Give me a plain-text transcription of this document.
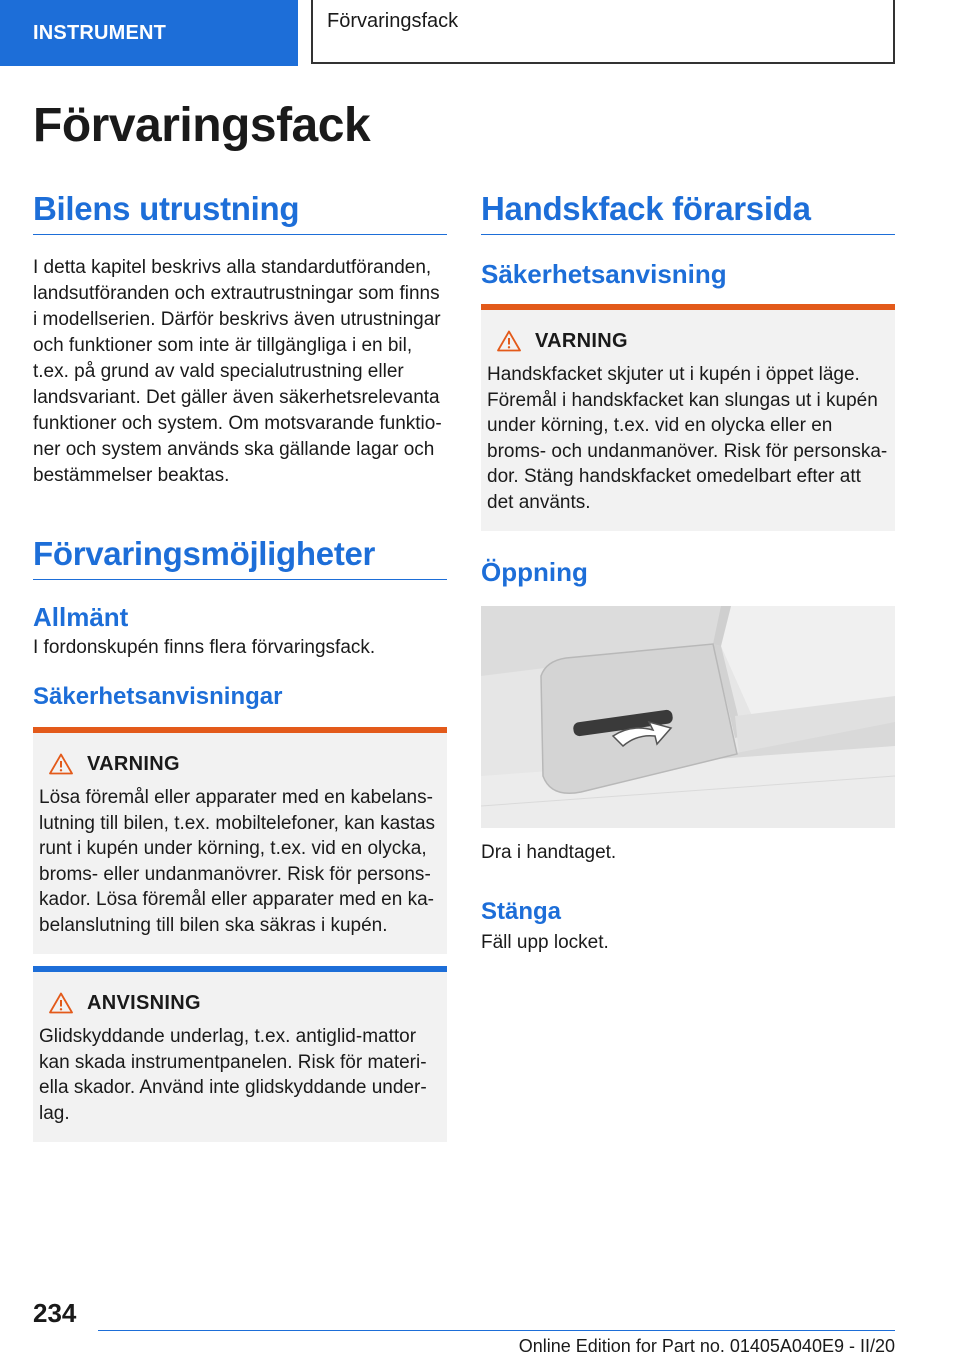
INSTRUMENT
Förvaringsfack
Förvaringsfack
Bilens utrustning

I detta kapitel beskrivs alla standardutföranden, landsutföranden och extrautrustningar som finns i modellserien. Därför beskrivs även utrustningar och funktioner som inte är tillgängliga i en bil, t.ex. på grund av vald specialutrustning eller landsvariant. Det gäller även säkerhetsrelevanta funktioner och system. Om motsvarande funktioner och system används ska gällande lagar och bestämmelser beaktas.

Förvaringsmöjligheter
Allmänt

I fordonskupén finns flera förvaringsfack.

Säkerhetsanvisningar
VARNING

Lösa föremål eller apparater med en kabelanslutning till bilen, t.ex. mobiltelefoner, kan kastas runt i kupén under körning, t.ex. vid en olycka, broms- eller undanmanövrer. Risk för personskador. Lösa föremål eller apparater med en kabelanslutning till bilen ska säkras i kupén.

ANVISNING

Glidskyddande underlag, t.ex. antiglid-mattor kan skada instrumentpanelen. Risk för materiella skador. Använd inte glidskyddande underlag.

Handskfack förarsida
Säkerhetsanvisning
VARNING

Handskfacket skjuter ut i kupén i öppet läge. Föremål i handskfacket kan slungas ut i kupén under körning, t.ex. vid en olycka eller en broms- och undanmanöver. Risk för personskador. Stäng handskfacket omedelbart efter att det använts.

Öppning

Dra i handtaget.

Stänga

Fäll upp locket.

234
Online Edition for Part no. 01405A040E9 - II/20
